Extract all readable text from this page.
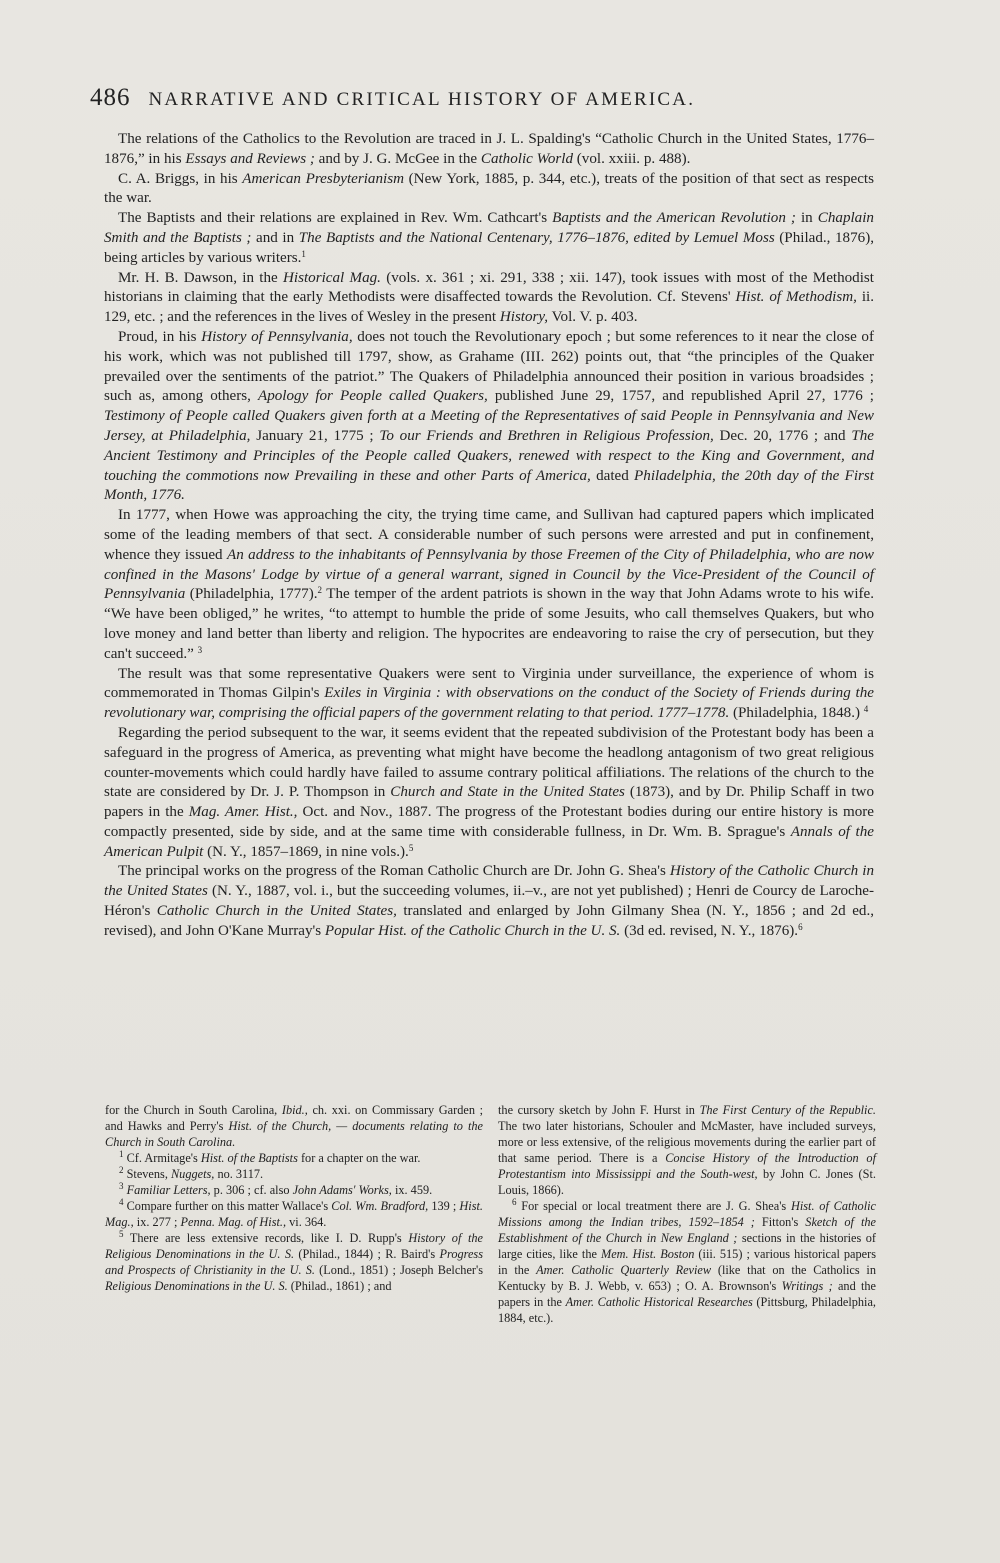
486 NARRATIVE AND CRITICAL HISTORY OF AMERICA.

The relations of the Catholics to the Revolution are traced in J. L. Spalding's “Catholic Church in the United States, 1776–1876,” in his Essays and Reviews ; and by J. G. McGee in the Catholic World (vol. xxiii. p. 488).

C. A. Briggs, in his American Presbyterianism (New York, 1885, p. 344, etc.), treats of the position of that sect as respects the war.

The Baptists and their relations are explained in Rev. Wm. Cathcart's Baptists and the American Revolution ; in Chaplain Smith and the Baptists ; and in The Baptists and the National Centenary, 1776–1876, edited by Lemuel Moss (Philad., 1876), being articles by various writers.$^1$

Mr. H. B. Dawson, in the Historical Mag. (vols. x. 361 ; xi. 291, 338 ; xii. 147), took issues with most of the Methodist historians in claiming that the early Methodists were disaffected towards the Revolution. Cf. Stevens' Hist. of Methodism, ii. 129, etc. ; and the references in the lives of Wesley in the present History, Vol. V. p. 403.

Proud, in his History of Pennsylvania, does not touch the Revolutionary epoch ; but some references to it near the close of his work, which was not published till 1797, show, as Grahame (III. 262) points out, that “the principles of the Quaker prevailed over the sentiments of the patriot.” The Quakers of Philadelphia announced their position in various broadsides ; such as, among others, Apology for People called Quakers, published June 29, 1757, and republished April 27, 1776 ; Testimony of People called Quakers given forth at a Meeting of the Representatives of said People in Pennsylvania and New Jersey, at Philadelphia, January 21, 1775 ; To our Friends and Brethren in Religious Profession, Dec. 20, 1776 ; and The Ancient Testimony and Principles of the People called Quakers, renewed with respect to the King and Government, and touching the commotions now Prevailing in these and other Parts of America, dated Philadelphia, the 20th day of the First Month, 1776.

In 1777, when Howe was approaching the city, the trying time came, and Sullivan had captured papers which implicated some of the leading members of that sect. A considerable number of such persons were arrested and put in confinement, whence they issued An address to the inhabitants of Pennsylvania by those Freemen of the City of Philadelphia, who are now confined in the Masons' Lodge by virtue of a general warrant, signed in Council by the Vice-President of the Council of Pennsylvania (Philadelphia, 1777).$^2$ The temper of the ardent patriots is shown in the way that John Adams wrote to his wife. “We have been obliged,” he writes, “to attempt to humble the pride of some Jesuits, who call themselves Quakers, but who love money and land better than liberty and religion. The hypocrites are endeavoring to raise the cry of persecution, but they can't succeed.” $^3$

The result was that some representative Quakers were sent to Virginia under surveillance, the experience of whom is commemorated in Thomas Gilpin's Exiles in Virginia : with observations on the conduct of the Society of Friends during the revolutionary war, comprising the official papers of the government relating to that period. 1777–1778. (Philadelphia, 1848.) $^4$

Regarding the period subsequent to the war, it seems evident that the repeated subdivision of the Protestant body has been a safeguard in the progress of America, as preventing what might have become the headlong antagonism of two great religious counter-movements which could hardly have failed to assume contrary political affiliations. The relations of the church to the state are considered by Dr. J. P. Thompson in Church and State in the United States (1873), and by Dr. Philip Schaff in two papers in the Mag. Amer. Hist., Oct. and Nov., 1887. The progress of the Protestant bodies during our entire history is more compactly presented, side by side, and at the same time with considerable fullness, in Dr. Wm. B. Sprague's Annals of the American Pulpit (N. Y., 1857–1869, in nine vols.).$^5$

The principal works on the progress of the Roman Catholic Church are Dr. John G. Shea's History of the Catholic Church in the United States (N. Y., 1887, vol. i., but the succeeding volumes, ii.–v., are not yet published) ; Henri de Courcy de Laroche-Héron's Catholic Church in the United States, translated and enlarged by John Gilmany Shea (N. Y., 1856 ; and 2d ed., revised), and John O'Kane Murray's Popular Hist. of the Catholic Church in the U. S. (3d ed. revised, N. Y., 1876).$^6$

for the Church in South Carolina, Ibid., ch. xxi. on Commissary Garden ; and Hawks and Perry's Hist. of the Church, — documents relating to the Church in South Carolina.

$^1$ Cf. Armitage's Hist. of the Baptists for a chapter on the war.

$^2$ Stevens, Nuggets, no. 3117.

$^3$ Familiar Letters, p. 306 ; cf. also John Adams' Works, ix. 459.

$^4$ Compare further on this matter Wallace's Col. Wm. Bradford, 139 ; Hist. Mag., ix. 277 ; Penna. Mag. of Hist., vi. 364.

$^5$ There are less extensive records, like I. D. Rupp's History of the Religious Denominations in the U. S. (Philad., 1844) ; R. Baird's Progress and Prospects of Christianity in the U. S. (Lond., 1851) ; Joseph Belcher's Religious Denominations in the U. S. (Philad., 1861) ; and

the cursory sketch by John F. Hurst in The First Century of the Republic. The two later historians, Schouler and McMaster, have included surveys, more or less extensive, of the religious movements during the earlier part of that same period. There is a Concise History of the Introduction of Protestantism into Mississippi and the South-west, by John C. Jones (St. Louis, 1866).

$^6$ For special or local treatment there are J. G. Shea's Hist. of Catholic Missions among the Indian tribes, 1592–1854 ; Fitton's Sketch of the Establishment of the Church in New England ; sections in the histories of large cities, like the Mem. Hist. Boston (iii. 515) ; various historical papers in the Amer. Catholic Quarterly Review (like that on the Catholics in Kentucky by B. J. Webb, v. 653) ; O. A. Brownson's Writings ; and the papers in the Amer. Catholic Historical Researches (Pittsburg, Philadelphia, 1884, etc.).
